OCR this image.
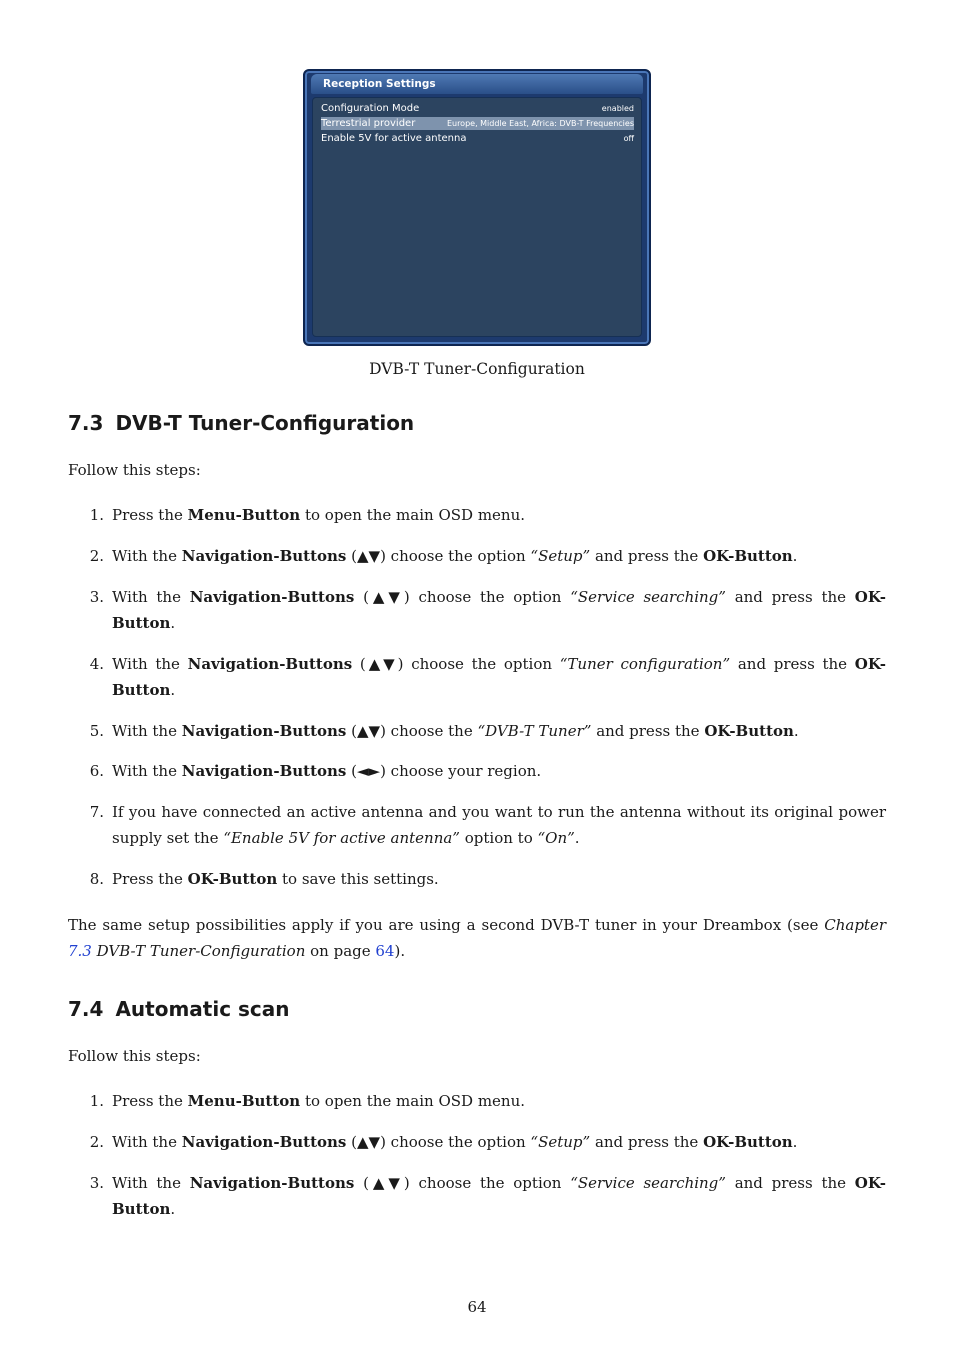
Reception Settings
Configuration Mode	enabled
Terrestrial provider	Europe, Middle East, Africa: DVB-T Frequencies
Enable 5V for active antenna	off
DVB-T Tuner-Configuration
7.3 DVB-T Tuner-Configuration

Follow this steps:

1. Press the Menu-Button to open the main OSD menu.
2. With the Navigation-Buttons (▲▼) choose the option “Setup” and press the OK-Button.
3. With the Navigation-Buttons (▲▼) choose the option “Service searching” and press the OK-
Button.
4. With the Navigation-Buttons (▲▼) choose the option “Tuner configuration” and press the OK-
Button.
5. With the Navigation-Buttons (▲▼) choose the “DVB-T Tuner” and press the OK-Button.
6. With the Navigation-Buttons (◄►) choose your region.
7. If you have connected an active antenna and you want to run the antenna without its original power
supply set the “Enable 5V for active antenna” option to “On”.
8. Press the OK-Button to save this settings.

The same setup possibilities apply if you are using a second DVB-T tuner in your Dreambox (see Chapter
7.3 DVB-T Tuner-Configuration on page 64).

7.4 Automatic scan

Follow this steps:

1. Press the Menu-Button to open the main OSD menu.
2. With the Navigation-Buttons (▲▼) choose the option “Setup” and press the OK-Button.
3. With the Navigation-Buttons (▲▼) choose the option “Service searching” and press the OK-
Button.
64
